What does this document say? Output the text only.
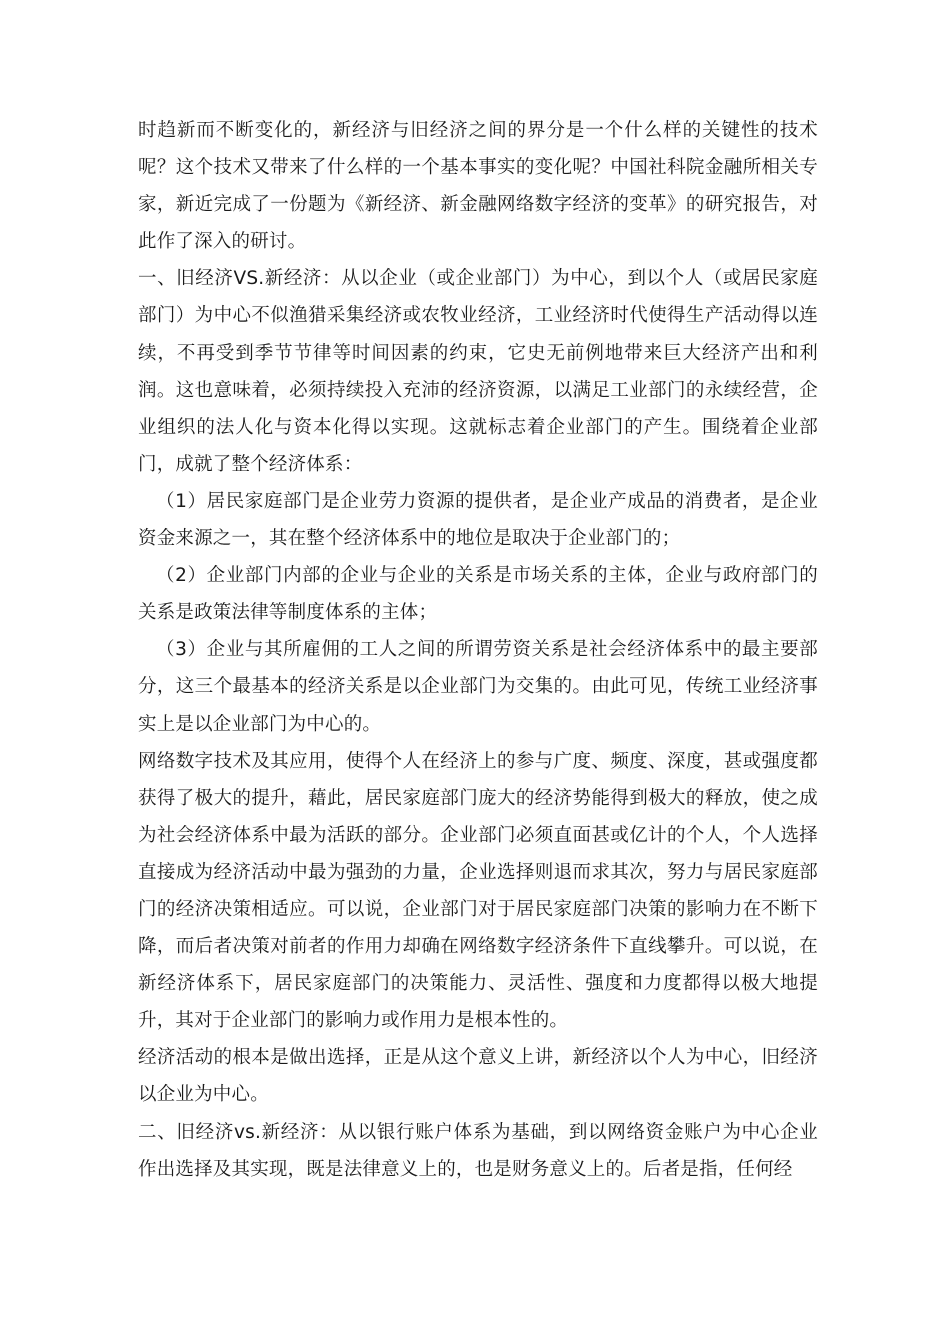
时趋新而不断变化的，新经济与旧经济之间的界分是一个什么样的关键性的技术呢？这个技术又带来了什么样的一个基本事实的变化呢？中国社科院金融所相关专家，新近完成了一份题为《新经济、新金融网络数字经济的变革》的研究报告，对此作了深入的研讨。

一、旧经济VS.新经济：从以企业（或企业部门）为中心，到以个人（或居民家庭部门）为中心不似渔猎采集经济或农牧业经济，工业经济时代使得生产活动得以连续，不再受到季节节律等时间因素的约束，它史无前例地带来巨大经济产出和利润。这也意味着，必须持续投入充沛的经济资源，以满足工业部门的永续经营，企业组织的法人化与资本化得以实现。这就标志着企业部门的产生。围绕着企业部门，成就了整个经济体系：

（1）居民家庭部门是企业劳力资源的提供者，是企业产成品的消费者，是企业资金来源之一，其在整个经济体系中的地位是取决于企业部门的；

（2）企业部门内部的企业与企业的关系是市场关系的主体，企业与政府部门的关系是政策法律等制度体系的主体；

（3）企业与其所雇佣的工人之间的所谓劳资关系是社会经济体系中的最主要部分，这三个最基本的经济关系是以企业部门为交集的。由此可见，传统工业经济事实上是以企业部门为中心的。

网络数字技术及其应用，使得个人在经济上的参与广度、频度、深度，甚或强度都获得了极大的提升，藉此，居民家庭部门庞大的经济势能得到极大的释放，使之成为社会经济体系中最为活跃的部分。企业部门必须直面甚或亿计的个人，个人选择直接成为经济活动中最为强劲的力量，企业选择则退而求其次，努力与居民家庭部门的经济决策相适应。可以说，企业部门对于居民家庭部门决策的影响力在不断下降，而后者决策对前者的作用力却确在网络数字经济条件下直线攀升。可以说，在新经济体系下，居民家庭部门的决策能力、灵活性、强度和力度都得以极大地提升，其对于企业部门的影响力或作用力是根本性的。

经济活动的根本是做出选择，正是从这个意义上讲，新经济以个人为中心，旧经济以企业为中心。

二、旧经济vs.新经济：从以银行账户体系为基础，到以网络资金账户为中心企业作出选择及其实现，既是法律意义上的，也是财务意义上的。后者是指，任何经
